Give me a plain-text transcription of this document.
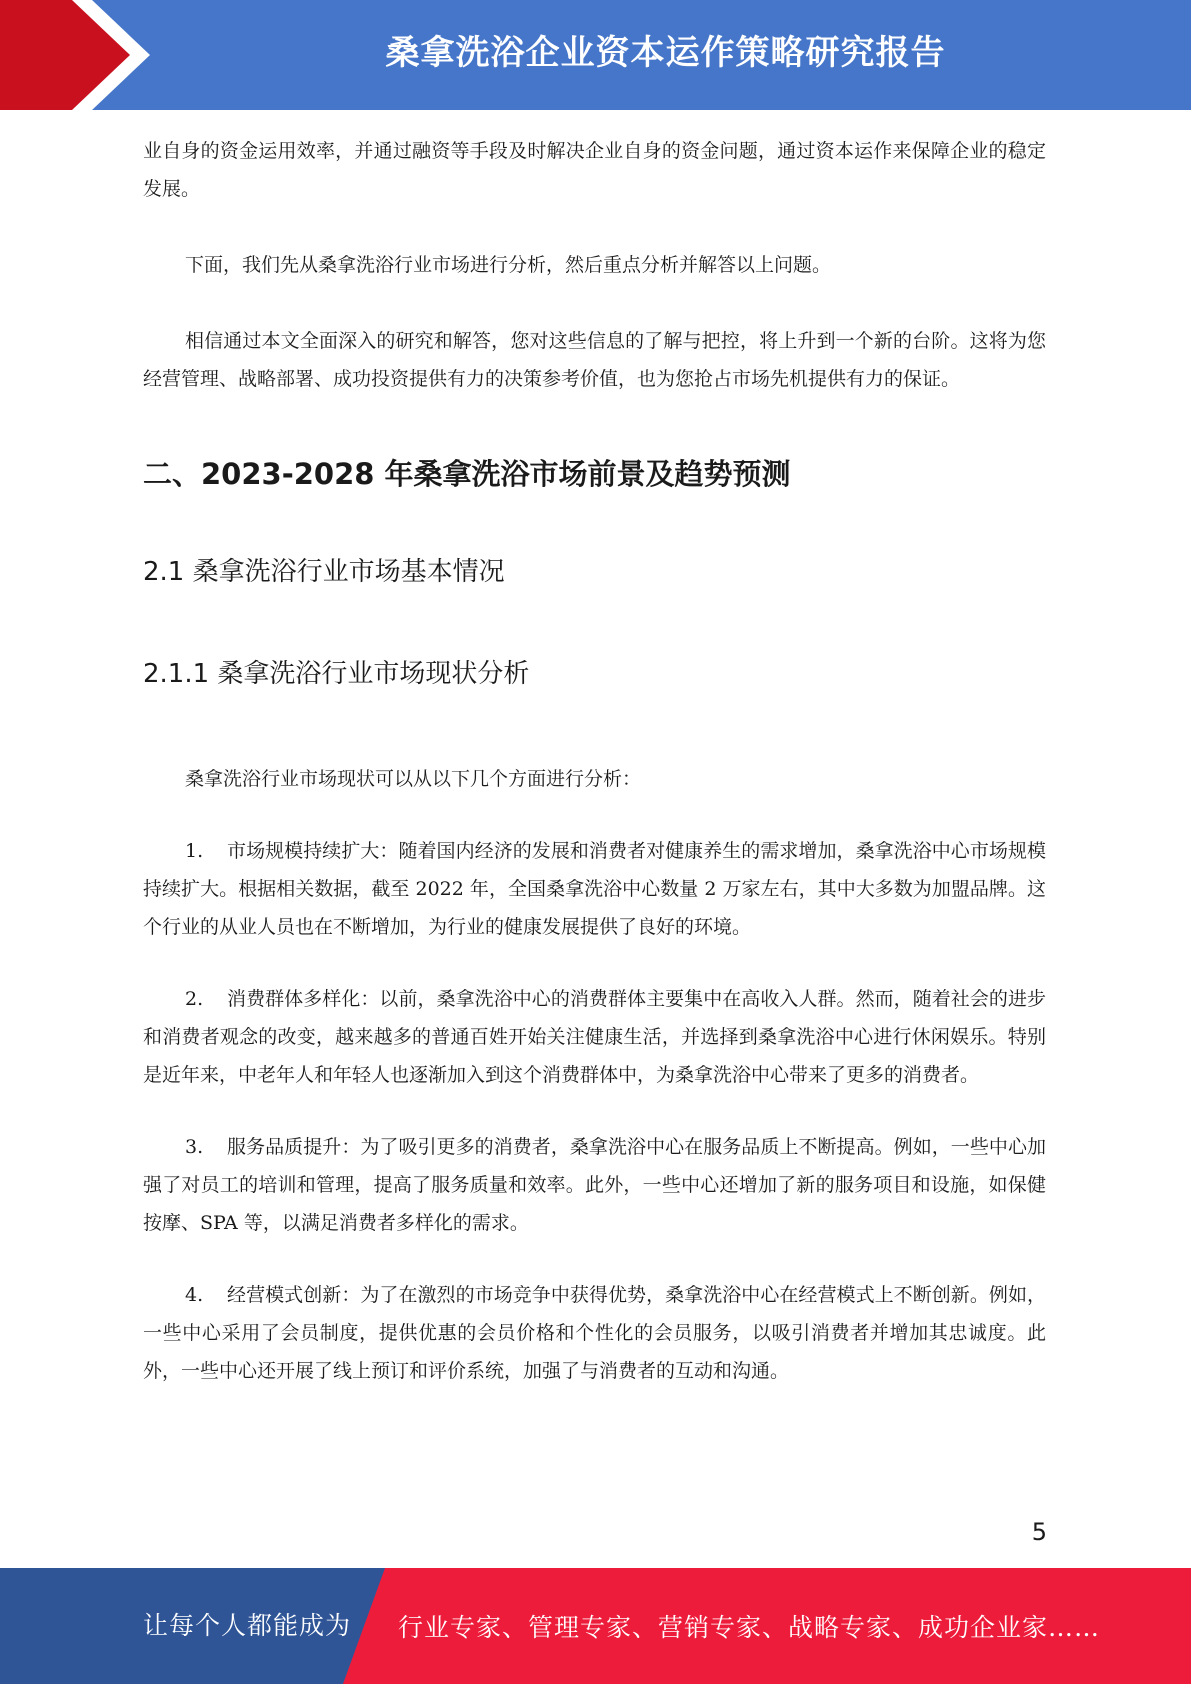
桑拿洗浴企业资本运作策略研究报告

业自身的资金运用效率，并通过融资等手段及时解决企业自身的资金问题，通过资本运作来保障企业的稳定发展。

下面，我们先从桑拿洗浴行业市场进行分析，然后重点分析并解答以上问题。

相信通过本文全面深入的研究和解答，您对这些信息的了解与把控，将上升到一个新的台阶。这将为您经营管理、战略部署、成功投资提供有力的决策参考价值，也为您抢占市场先机提供有力的保证。

二、2023-2028 年桑拿洗浴市场前景及趋势预测
2.1 桑拿洗浴行业市场基本情况
2.1.1 桑拿洗浴行业市场现状分析

桑拿洗浴行业市场现状可以从以下几个方面进行分析：

1. 市场规模持续扩大：随着国内经济的发展和消费者对健康养生的需求增加，桑拿洗浴中心市场规模持续扩大。根据相关数据，截至 2022 年，全国桑拿洗浴中心数量 2 万家左右，其中大多数为加盟品牌。这个行业的从业人员也在不断增加，为行业的健康发展提供了良好的环境。

2. 消费群体多样化：以前，桑拿洗浴中心的消费群体主要集中在高收入人群。然而，随着社会的进步和消费者观念的改变，越来越多的普通百姓开始关注健康生活，并选择到桑拿洗浴中心进行休闲娱乐。特别是近年来，中老年人和年轻人也逐渐加入到这个消费群体中，为桑拿洗浴中心带来了更多的消费者。

3. 服务品质提升：为了吸引更多的消费者，桑拿洗浴中心在服务品质上不断提高。例如，一些中心加强了对员工的培训和管理，提高了服务质量和效率。此外，一些中心还增加了新的服务项目和设施，如保健按摩、SPA 等，以满足消费者多样化的需求。

4. 经营模式创新：为了在激烈的市场竞争中获得优势，桑拿洗浴中心在经营模式上不断创新。例如，一些中心采用了会员制度，提供优惠的会员价格和个性化的会员服务，以吸引消费者并增加其忠诚度。此外，一些中心还开展了线上预订和评价系统，加强了与消费者的互动和沟通。

5
让每个人都能成为 行业专家、管理专家、营销专家、战略专家、成功企业家……
